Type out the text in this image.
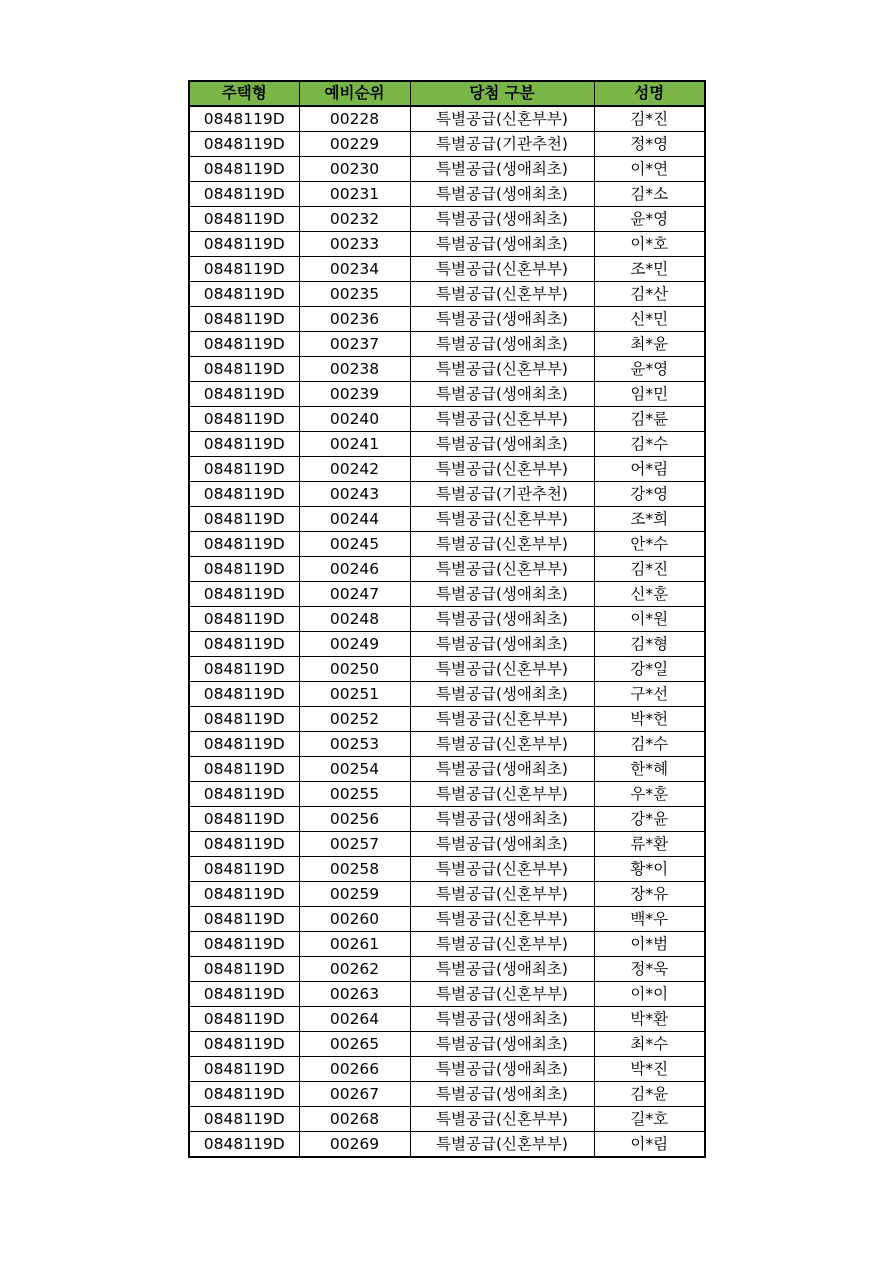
주택형	예비순위	당첨 구분	성명
0848119D	00228	특별공급(신혼부부)	김*진
0848119D	00229	특별공급(기관추천)	정*영
0848119D	00230	특별공급(생애최초)	이*연
0848119D	00231	특별공급(생애최초)	김*소
0848119D	00232	특별공급(생애최초)	윤*영
0848119D	00233	특별공급(생애최초)	이*호
0848119D	00234	특별공급(신혼부부)	조*민
0848119D	00235	특별공급(신혼부부)	김*산
0848119D	00236	특별공급(생애최초)	신*민
0848119D	00237	특별공급(생애최초)	최*윤
0848119D	00238	특별공급(신혼부부)	윤*영
0848119D	00239	특별공급(생애최초)	임*민
0848119D	00240	특별공급(신혼부부)	김*륜
0848119D	00241	특별공급(생애최초)	김*수
0848119D	00242	특별공급(신혼부부)	어*림
0848119D	00243	특별공급(기관추천)	강*영
0848119D	00244	특별공급(신혼부부)	조*희
0848119D	00245	특별공급(신혼부부)	안*수
0848119D	00246	특별공급(신혼부부)	김*진
0848119D	00247	특별공급(생애최초)	신*훈
0848119D	00248	특별공급(생애최초)	이*원
0848119D	00249	특별공급(생애최초)	김*형
0848119D	00250	특별공급(신혼부부)	강*일
0848119D	00251	특별공급(생애최초)	구*선
0848119D	00252	특별공급(신혼부부)	박*헌
0848119D	00253	특별공급(신혼부부)	김*수
0848119D	00254	특별공급(생애최초)	한*혜
0848119D	00255	특별공급(신혼부부)	우*훈
0848119D	00256	특별공급(생애최초)	강*윤
0848119D	00257	특별공급(생애최초)	류*환
0848119D	00258	특별공급(신혼부부)	황*이
0848119D	00259	특별공급(신혼부부)	장*유
0848119D	00260	특별공급(신혼부부)	백*우
0848119D	00261	특별공급(신혼부부)	이*범
0848119D	00262	특별공급(생애최초)	정*욱
0848119D	00263	특별공급(신혼부부)	이*이
0848119D	00264	특별공급(생애최초)	박*환
0848119D	00265	특별공급(생애최초)	최*수
0848119D	00266	특별공급(생애최초)	박*진
0848119D	00267	특별공급(생애최초)	김*윤
0848119D	00268	특별공급(신혼부부)	길*호
0848119D	00269	특별공급(신혼부부)	이*림
